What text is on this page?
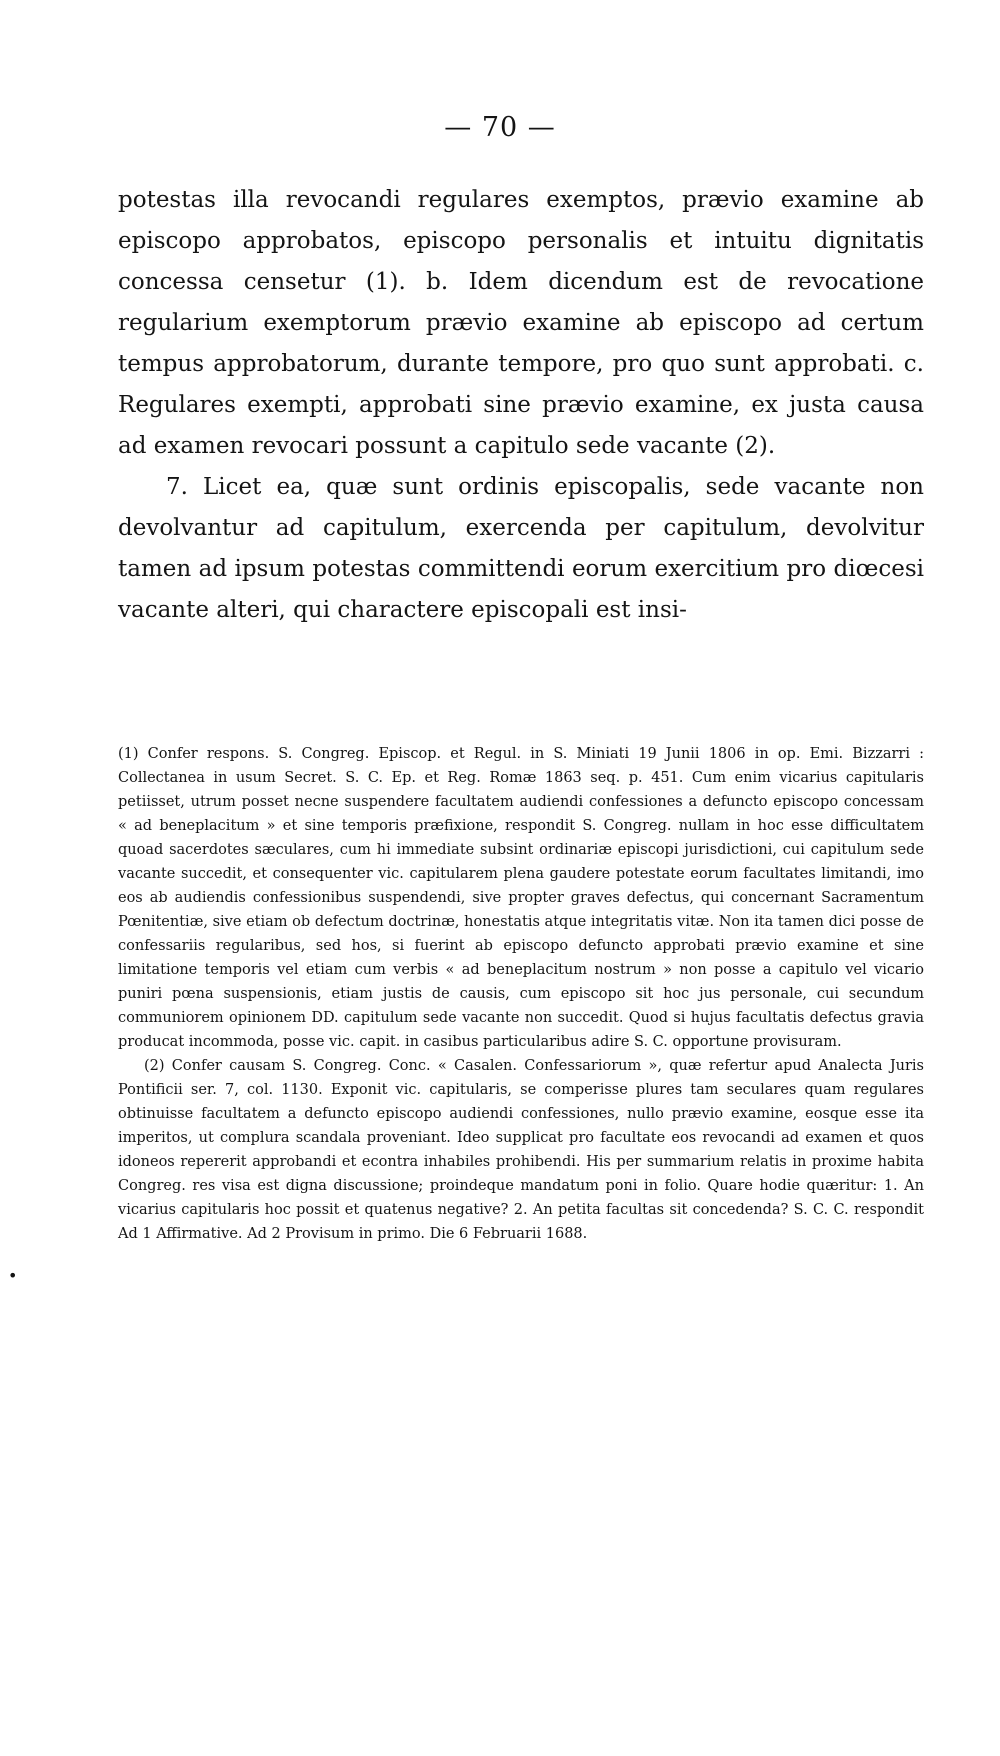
— 70 —

potestas illa revocandi regulares exemptos, prævio examine ab episcopo approbatos, episcopo personalis et intuitu dignitatis concessa censetur (1). b. Idem dicendum est de revocatione regularium exemptorum prævio examine ab episcopo ad certum tempus approbatorum, durante tempore, pro quo sunt approbati. c. Regulares exempti, approbati sine prævio examine, ex justa causa ad examen revocari possunt a capitulo sede vacante (2).

7. Licet ea, quæ sunt ordinis episcopalis, sede vacante non devolvantur ad capitulum, exercenda per capitulum, devolvitur tamen ad ipsum potestas committendi eorum exercitium pro diœcesi vacante alteri, qui charactere episcopali est insi-

(1) Confer respons. S. Congreg. Episcop. et Regul. in S. Miniati 19 Junii 1806 in op. Emi. Bizzarri : Collectanea in usum Secret. S. C. Ep. et Reg. Romæ 1863 seq. p. 451. Cum enim vicarius capitularis petiisset, utrum posset necne suspendere facultatem audiendi confessiones a defuncto episcopo concessam « ad beneplacitum » et sine temporis præfixione, respondit S. Congreg. nullam in hoc esse difficultatem quoad sacerdotes sæculares, cum hi immediate subsint ordinariæ episcopi jurisdictioni, cui capitulum sede vacante succedit, et consequenter vic. capitularem plena gaudere potestate eorum facultates limitandi, imo eos ab audiendis confessionibus suspendendi, sive propter graves defectus, qui concernant Sacramentum Pœnitentiæ, sive etiam ob defectum doctrinæ, honestatis atque integritatis vitæ. Non ita tamen dici posse de confessariis regularibus, sed hos, si fuerint ab episcopo defuncto approbati prævio examine et sine limitatione temporis vel etiam cum verbis « ad beneplacitum nostrum » non posse a capitulo vel vicario puniri pœna suspensionis, etiam justis de causis, cum episcopo sit hoc jus personale, cui secundum communiorem opinionem DD. capitulum sede vacante non succedit. Quod si hujus facultatis defectus gravia producat incommoda, posse vic. capit. in casibus particularibus adire S. C. opportune provisuram.

(2) Confer causam S. Congreg. Conc. « Casalen. Confessariorum », quæ refertur apud Analecta Juris Pontificii ser. 7, col. 1130. Exponit vic. capitularis, se comperisse plures tam seculares quam regulares obtinuisse facultatem a defuncto episcopo audiendi confessiones, nullo prævio examine, eosque esse ita imperitos, ut complura scandala proveniant. Ideo supplicat pro facultate eos revocandi ad examen et quos idoneos repererit approbandi et econtra inhabiles prohibendi. His per summarium relatis in proxime habita Congreg. res visa est digna discussione; proindeque mandatum poni in folio. Quare hodie quæritur: 1. An vicarius capitularis hoc possit et quatenus negative? 2. An petita facultas sit concedenda? S. C. C. respondit Ad 1 Affirmative. Ad 2 Provisum in primo. Die 6 Februarii 1688.

•
